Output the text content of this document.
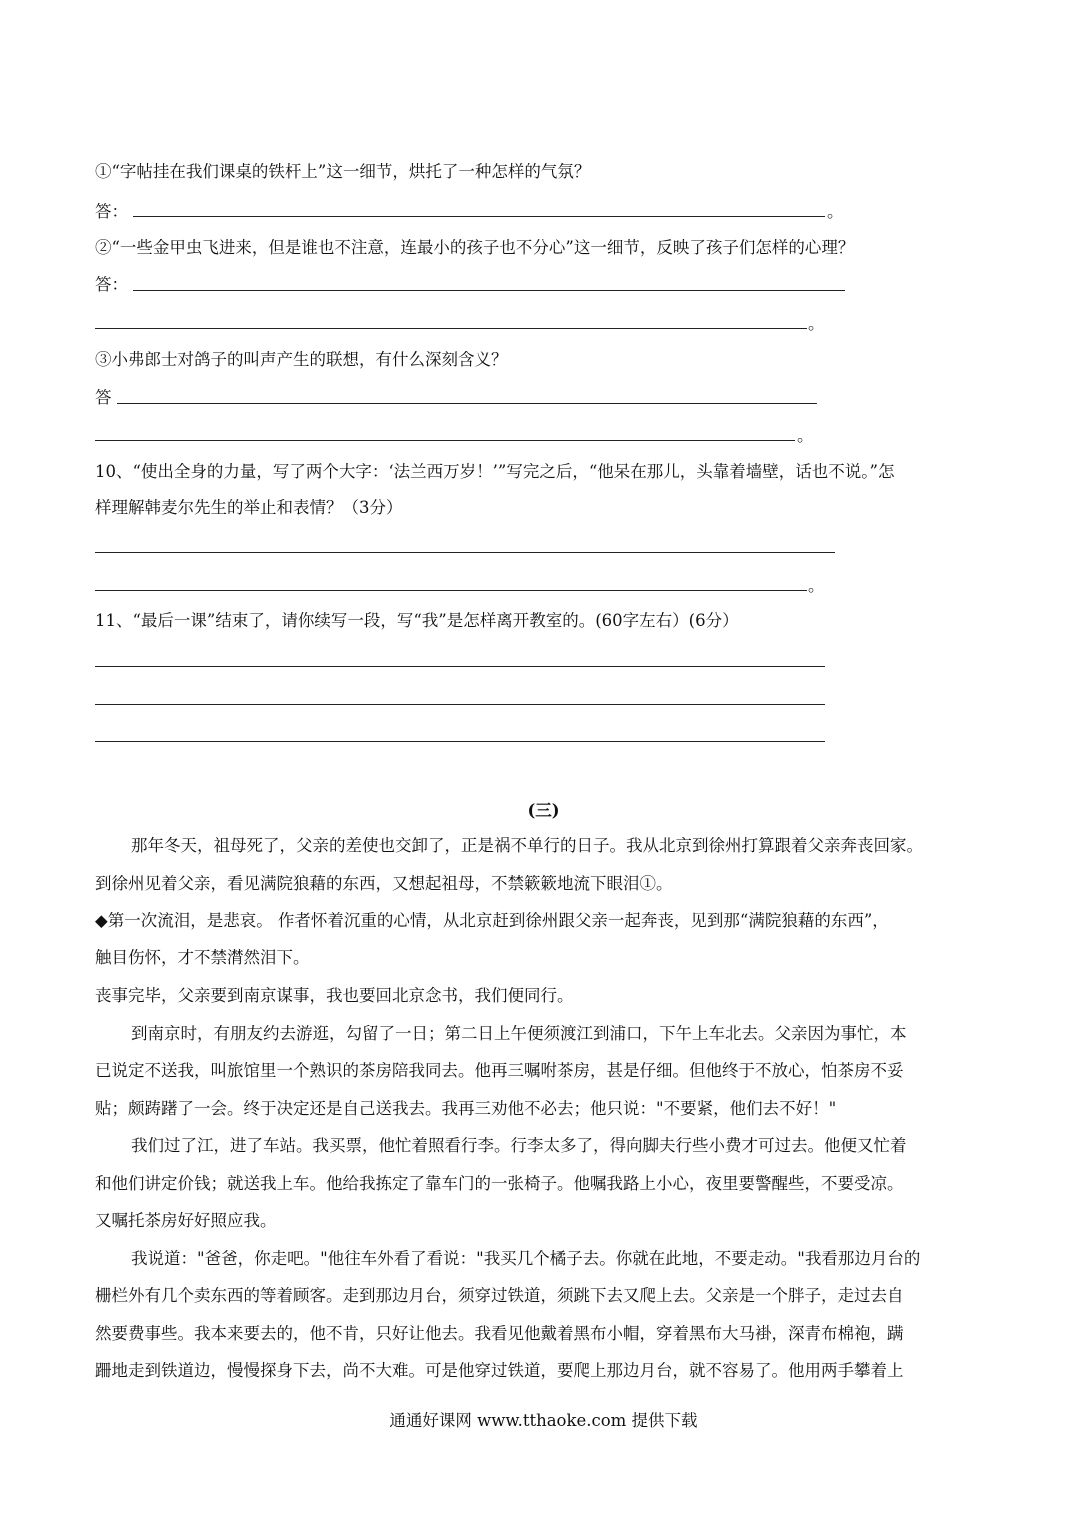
①“字帖挂在我们课桌的铁杆上”这一细节，烘托了一种怎样的气氛？
答：	。
②“一些金甲虫飞进来，但是谁也不注意，连最小的孩子也不分心”这一细节，反映了孩子们怎样的心理？
答：
。
③小弗郎士对鸽子的叫声产生的联想，有什么深刻含义？
答
。
10、“使出全身的力量，写了两个大字：‘法兰西万岁！’”写完之后，“他呆在那儿，头靠着墙壁，话也不说。”怎
样理解韩麦尔先生的举止和表情？（3分）
。
11、“最后一课”结束了，请你续写一段，写“我”是怎样离开教室的。(60字左右）(6分）
(三)
那年冬天，祖母死了，父亲的差使也交卸了，正是祸不单行的日子。我从北京到徐州打算跟着父亲奔丧回家。
到徐州见着父亲，看见满院狼藉的东西，又想起祖母，不禁簌簌地流下眼泪①。
◆第一次流泪，是悲哀。 作者怀着沉重的心情，从北京赶到徐州跟父亲一起奔丧，见到那“满院狼藉的东西”，
触目伤怀，才不禁潸然泪下。
丧事完毕，父亲要到南京谋事，我也要回北京念书，我们便同行。
到南京时，有朋友约去游逛，勾留了一日；第二日上午便须渡江到浦口，下午上车北去。父亲因为事忙，本
已说定不送我，叫旅馆里一个熟识的茶房陪我同去。他再三嘱咐茶房，甚是仔细。但他终于不放心，怕茶房不妥
贴；颇踌躇了一会。终于决定还是自己送我去。我再三劝他不必去；他只说："不要紧，他们去不好！"
我们过了江，进了车站。我买票，他忙着照看行李。行李太多了，得向脚夫行些小费才可过去。他便又忙着
和他们讲定价钱；就送我上车。他给我拣定了靠车门的一张椅子。他嘱我路上小心，夜里要警醒些，不要受凉。
又嘱托茶房好好照应我。
我说道："爸爸，你走吧。"他往车外看了看说："我买几个橘子去。你就在此地，不要走动。"我看那边月台的
栅栏外有几个卖东西的等着顾客。走到那边月台，须穿过铁道，须跳下去又爬上去。父亲是一个胖子，走过去自
然要费事些。我本来要去的，他不肯，只好让他去。我看见他戴着黑布小帽，穿着黑布大马褂，深青布棉袍，蹒
跚地走到铁道边，慢慢探身下去，尚不大难。可是他穿过铁道，要爬上那边月台，就不容易了。他用两手攀着上
通通好课网 www.tthaoke.com 提供下载
